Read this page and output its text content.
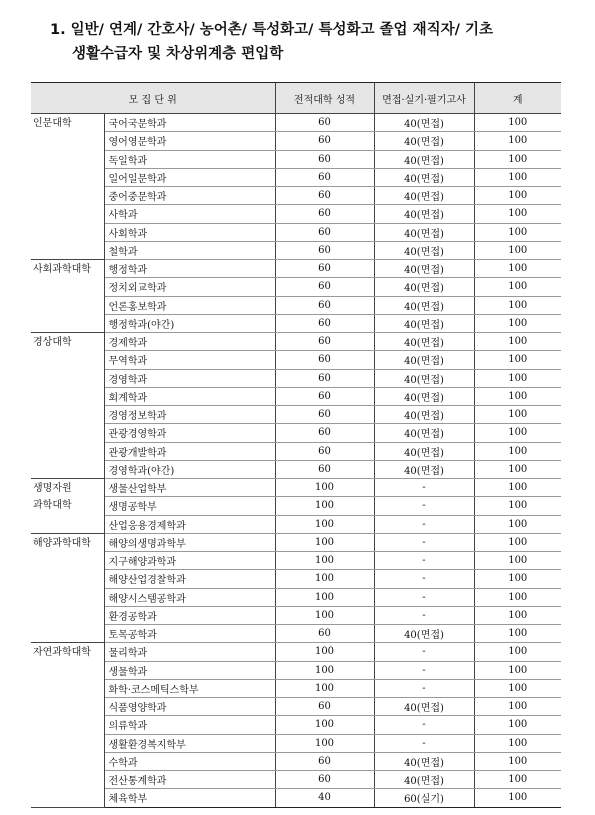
1. 일반/ 연계/ 간호사/ 농어촌/ 특성화고/ 특성화고 졸업 재직자/ 기초
생활수급자 및 차상위계층 편입학
모 집 단 위		전적대학 성적	면접·실기·필기고사	계

인문대학	국어국문학과	60	40(면접)	100
	영어영문학과	60	40(면접)	100
	독일학과	60	40(면접)	100
	일어일문학과	60	40(면접)	100
	중어중문학과	60	40(면접)	100
	사학과	60	40(면접)	100
	사회학과	60	40(면접)	100
	철학과	60	40(면접)	100

사회과학대학	행정학과	60	40(면접)	100
	정치외교학과	60	40(면접)	100
	언론홍보학과	60	40(면접)	100
	행정학과(야간)	60	40(면접)	100

경상대학	경제학과	60	40(면접)	100
	무역학과	60	40(면접)	100
	경영학과	60	40(면접)	100
	회계학과	60	40(면접)	100
	경영정보학과	60	40(면접)	100
	관광경영학과	60	40(면접)	100
	관광개발학과	60	40(면접)	100
	경영학과(야간)	60	40(면접)	100

생명자원
과학대학	생물산업학부	100	-	100
	생명공학부	100	-	100
	산업응용경제학과	100	-	100

해양과학대학	해양의생명과학부	100	-	100
	지구해양과학과	100	-	100
	해양산업경찰학과	100	-	100
	해양시스템공학과	100	-	100
	환경공학과	100	-	100
	토목공학과	60	40(면접)	100

자연과학대학	물리학과	100	-	100
	생물학과	100	-	100
	화학·코스메틱스학부	100	-	100
	식품영양학과	60	40(면접)	100
	의류학과	100	-	100
	생활환경복지학부	100	-	100
	수학과	60	40(면접)	100
	전산통계학과	60	40(면접)	100
	체육학부	40	60(실기)	100
